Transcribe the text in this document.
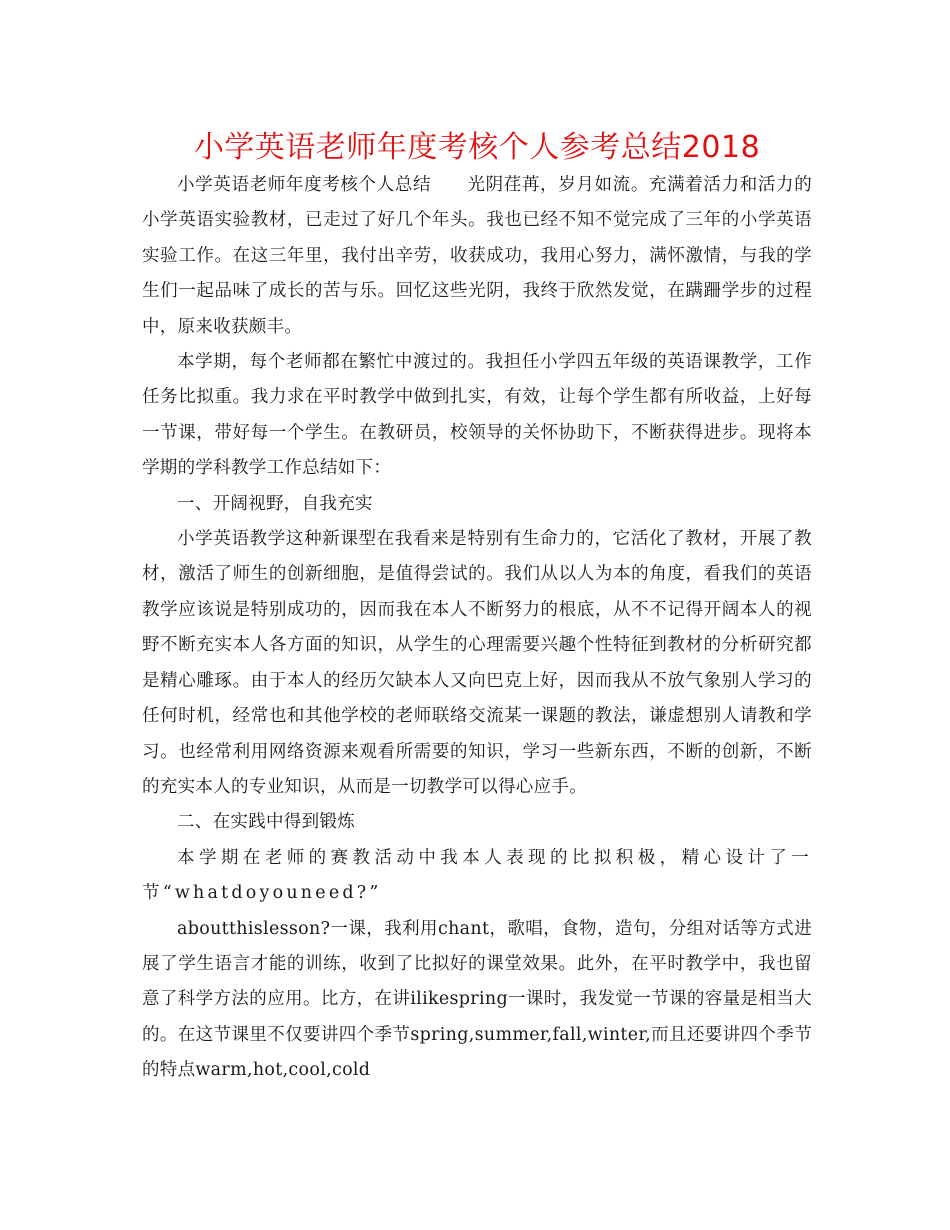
小学英语老师年度考核个人参考总结2018

小学英语老师年度考核个人总结　　光阴荏苒，岁月如流。充满着活力和活力的小学英语实验教材，已走过了好几个年头。我也已经不知不觉完成了三年的小学英语实验工作。在这三年里，我付出辛劳，收获成功，我用心努力，满怀激情，与我的学生们一起品味了成长的苦与乐。回忆这些光阴，我终于欣然发觉，在蹒跚学步的过程中，原来收获颇丰。

本学期，每个老师都在繁忙中渡过的。我担任小学四五年级的英语课教学，工作任务比拟重。我力求在平时教学中做到扎实，有效，让每个学生都有所收益，上好每一节课，带好每一个学生。在教研员，校领导的关怀协助下，不断获得进步。现将本学期的学科教学工作总结如下：

一、开阔视野，自我充实

小学英语教学这种新课型在我看来是特别有生命力的，它活化了教材，开展了教材，激活了师生的创新细胞，是值得尝试的。我们从以人为本的角度，看我们的英语教学应该说是特别成功的，因而我在本人不断努力的根底，从不不记得开阔本人的视野不断充实本人各方面的知识，从学生的心理需要兴趣个性特征到教材的分析研究都是精心雕琢。由于本人的经历欠缺本人又向巴克上好，因而我从不放气象别人学习的任何时机，经常也和其他学校的老师联络交流某一课题的教法，谦虚想别人请教和学习。也经常利用网络资源来观看所需要的知识，学习一些新东西，不断的创新，不断的充实本人的专业知识，从而是一切教学可以得心应手。

二、在实践中得到锻炼

本学期在老师的赛教活动中我本人表现的比拟积极，精心设计了一节“whatdoyouneed?”

aboutthislesson?一课，我利用chant，歌唱，食物，造句，分组对话等方式进展了学生语言才能的训练，收到了比拟好的课堂效果。此外，在平时教学中，我也留意了科学方法的应用。比方，在讲ilikespring一课时，我发觉一节课的容量是相当大的。在这节课里不仅要讲四个季节spring,summer,fall,winter,而且还要讲四个季节的特点warm,hot,cool,cold
